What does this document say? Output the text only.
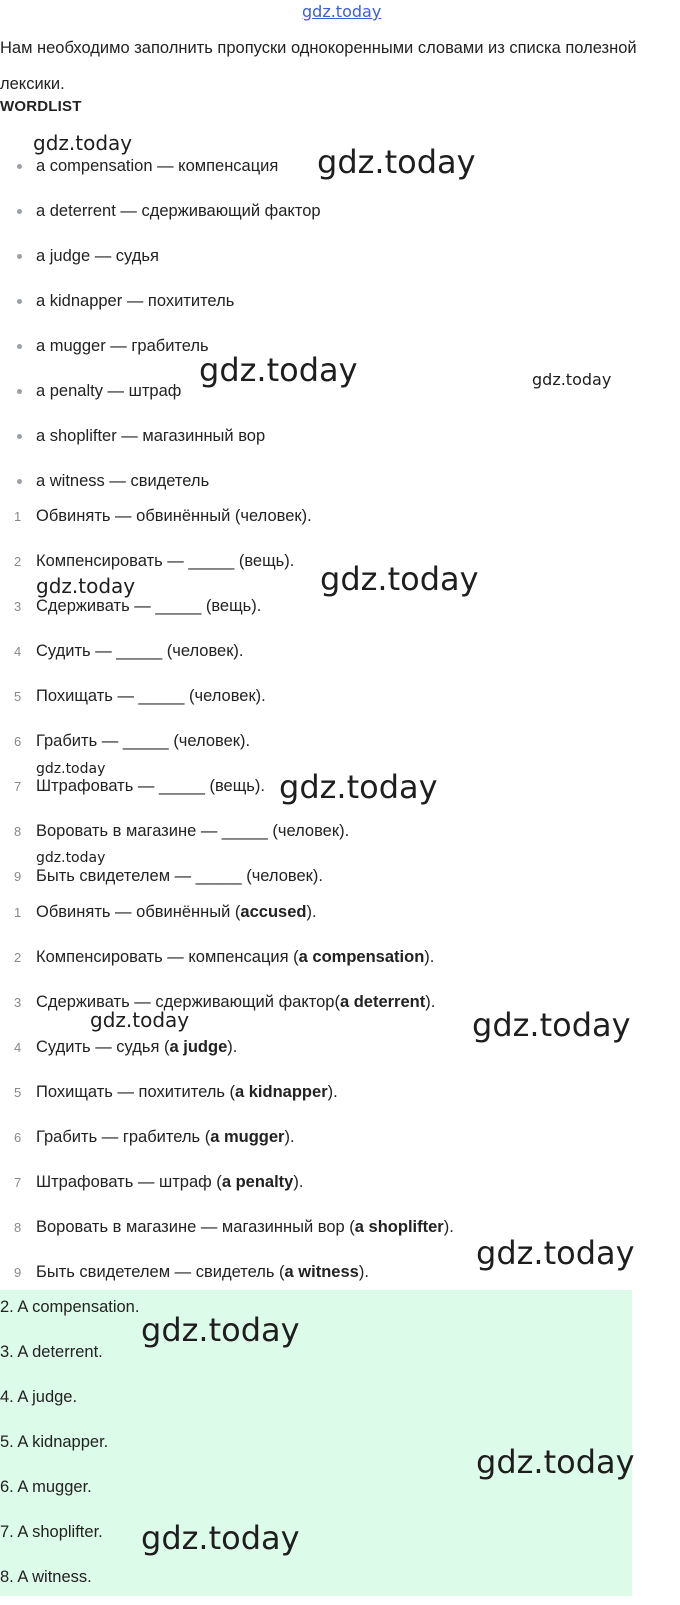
gdz.today
gdz.today	gdz.today
gdz.today	gdz.today
gdz.today	gdz.today
gdz.today	gdz.today
gdz.today
gdz.today	gdz.today
gdz.today

Нам необходимо заполнить пропуски однокоренными словами из списка полезной лексики.

WORDLIST

a compensation — компенсация
a deterrent — сдерживающий фактор
a judge — судья
a kidnapper — похититель
a mugger — грабитель
a penalty — штраф
a shoplifter — магазинный вор
a witness — свидетель
1 Обвинять — обвинённый (человек).
2 Компенсировать — _____ (вещь).
3 Сдерживать — _____ (вещь).
4 Судить — _____ (человек).
5 Похищать — _____ (человек).
6 Грабить — _____ (человек).
7 Штрафовать — _____ (вещь).
8 Воровать в магазине — _____ (человек).
9 Быть свидетелем — _____ (человек).
1 Обвинять — обвинённый (accused).
2 Компенсировать — компенсация (a compensation).
3 Сдерживать — сдерживающий фактор(a deterrent).
4 Судить — судья (a judge).
5 Похищать — похититель (a kidnapper).
6 Грабить — грабитель (a mugger).
7 Штрафовать — штраф (a penalty).
8 Воровать в магазине — магазинный вор (a shoplifter).
9 Быть свидетелем — свидетель (a witness).
2. A compensation.
3. A deterrent.
4. A judge.
5. A kidnapper.
6. A mugger.
7. A shoplifter.
8. A witness.
gdz.today
gdz.today
gdz.today
